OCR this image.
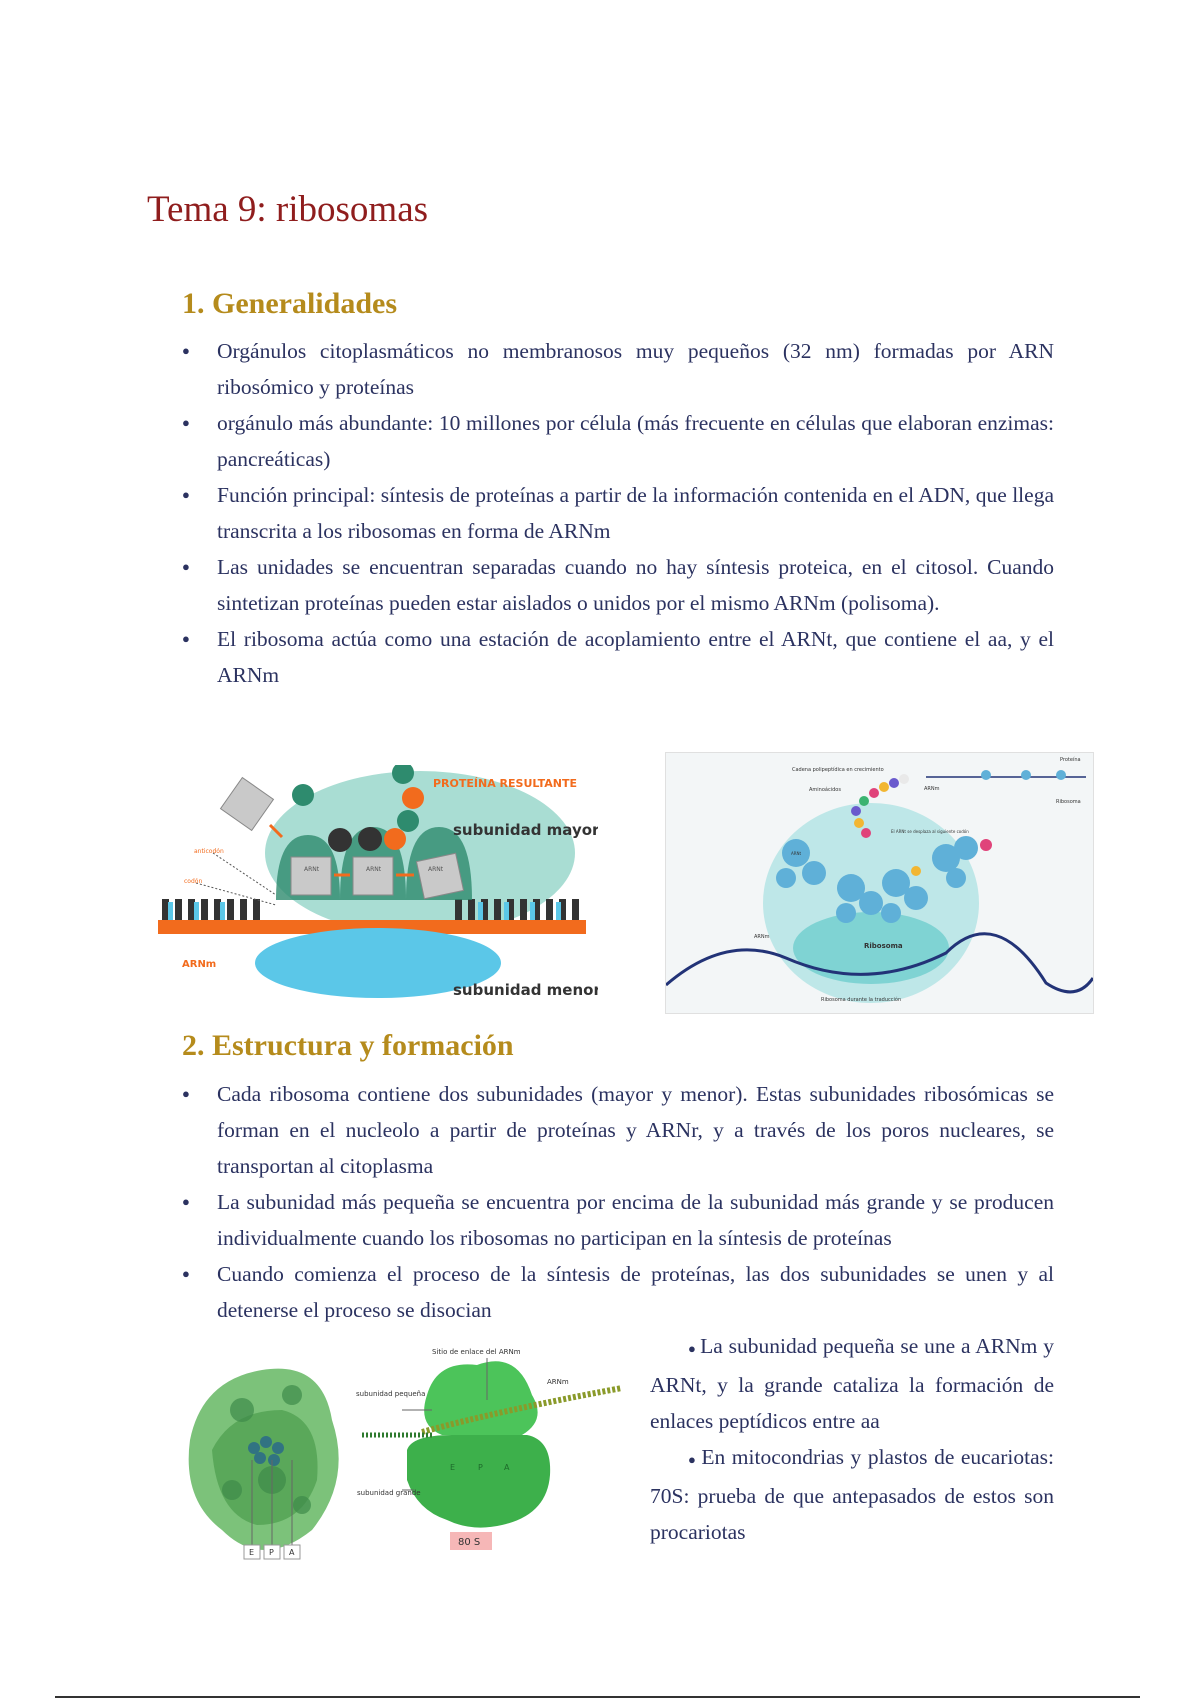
Tema 9: ribosomas
1. Generalidades
● Orgánulos citoplasmáticos no membranosos muy pequeños (32 nm) formadas por ARN ribosómico y proteínas
● orgánulo más abundante: 10 millones por célula (más frecuente en células que elaboran enzimas: pancreáticas)
● Función principal: síntesis de proteínas a partir de la información contenida en el ADN, que llega transcrita a los ribosomas en forma de ARNm
● Las unidades se encuentran separadas cuando no hay síntesis proteica, en el citosol. Cuando sintetizan proteínas pueden estar aislados o unidos por el mismo ARNm (polisoma).
● El ribosoma actúa como una estación de acoplamiento entre el ARNt, que contiene el aa, y el ARNm
ARNt	ARNt	ARNt
PROTEÍNA RESULTANTE
subunidad mayor
subunidad menor
ARNm
anticodón
codón
Cadena polipeptídica en crecimiento
Aminoácidos
Ribosoma
Ribosoma durante la traducción
ARNm
Proteína
ARNm
Ribosoma
ARNt
El ARNt se desplaza al siguiente codón
2. Estructura y formación
● Cada ribosoma contiene dos subunidades (mayor y menor). Estas subunidades ribosómicas se forman en el nucleolo a partir de proteínas y ARNr, y a través de los poros nucleares, se transportan al citoplasma
● La subunidad más pequeña se encuentra por encima de la subunidad más grande y se producen individualmente cuando los ribosomas no participan en la síntesis de proteínas
● Cuando comienza el proceso de la síntesis de proteínas, las dos subunidades se unen y al detenerse el proceso se disocian
E P A
E	P	A
Sitio de enlace del ARNm
subunidad pequeña
subunidad grande
ARNm
80 S
● La subunidad pequeña se une a ARNm y ARNt, y la grande cataliza la formación de enlaces peptídicos entre aa
● En mitocondrias y plastos de eucariotas: 70S: prueba de que antepasados de estos son procariotas
